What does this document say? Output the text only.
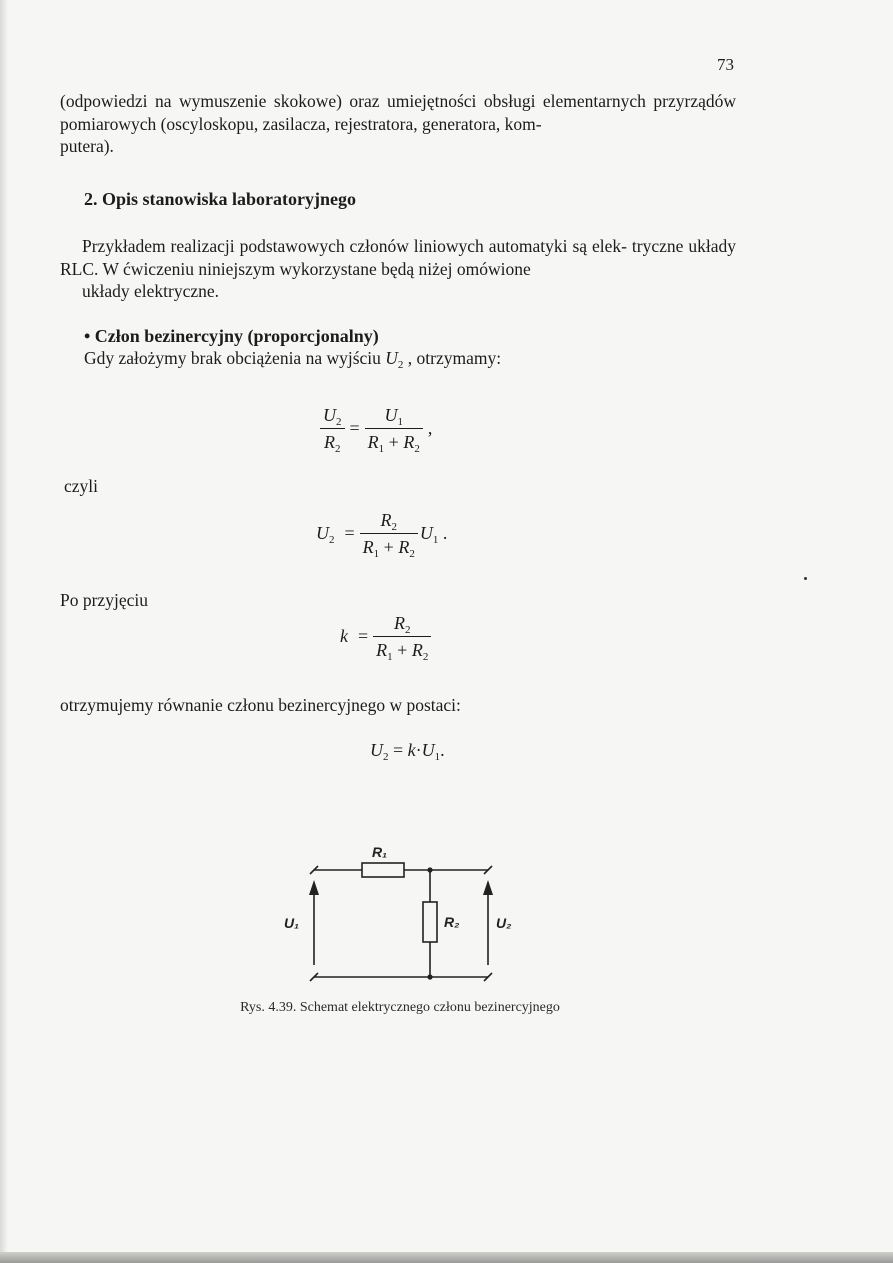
73
(odpowiedzi na wymuszenie skokowe) oraz umiejętności obsługi elementarnych przyrządów pomiarowych (oscyloskopu, zasilacza, rejestratora, generatora, kom-
putera).
2. Opis stanowiska laboratoryjnego
Przykładem realizacji podstawowych członów liniowych automatyki są elek- tryczne układy RLC. W ćwiczeniu niniejszym wykorzystane będą niżej omówione
układy elektryczne.
• Człon bezinercyjny (proporcjonalny)
Gdy założymy brak obciążenia na wyjściu $U_2$ , otrzymamy:
$\frac{U_2}{R_2} = \frac{U_1}{R_1 + R_2}$ ,
czyli
$U_2 = \frac{R_2}{R_1 + R_2} U_1$ .
Po przyjęciu
$k = \frac{R_2}{R_1 + R_2}$
otrzymujemy równanie członu bezinercyjnego w postaci:
$U_2 = k\cdot U_1$.
R₁
R₂
U₁	U₂
Rys. 4.39. Schemat elektrycznego członu bezinercyjnego
